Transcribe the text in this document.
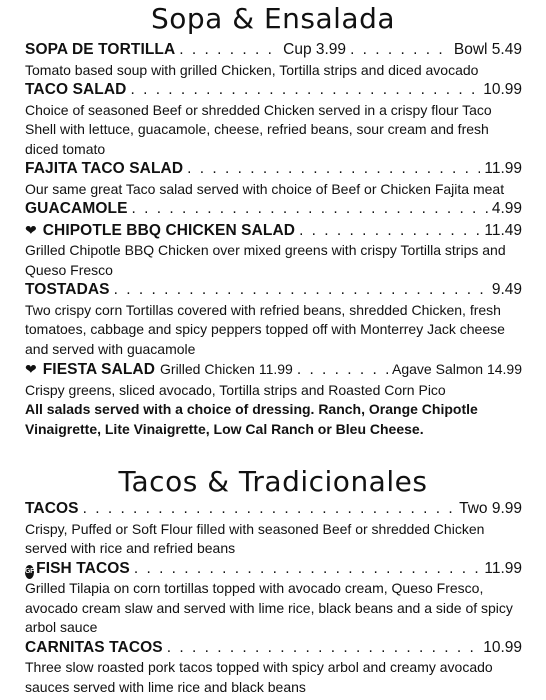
Sopa & Ensalada
SOPA DE TORTILLA . . .	Cup 3.99 . . .	Bowl 5.49

Tomato based soup with grilled Chicken, Tortilla strips and diced avocado

TACO SALAD . . .	10.99

Choice of seasoned Beef or shredded Chicken served in a crispy flour Taco Shell with lettuce, guacamole, cheese, refried beans, sour cream and fresh diced tomato

FAJITA TACO SALAD . . .	11.99

Our same great Taco salad served with choice of Beef or Chicken Fajita meat

GUACAMOLE . . .	4.99
❤ CHIPOTLE BBQ CHICKEN SALAD . . .	11.49

Grilled Chipotle BBQ Chicken over mixed greens with crispy Tortilla strips and Queso Fresco

TOSTADAS . . .	9.49

Two crispy corn Tortillas covered with refried beans, shredded Chicken, fresh tomatoes, cabbage and spicy peppers topped off with Monterrey Jack cheese and served with guacamole

❤ FIESTA SALAD Grilled Chicken 11.99 . . .	Agave Salmon 14.99

Crispy greens, sliced avocado, Tortilla strips and Roasted Corn Pico

All salads served with a choice of dressing. Ranch, Orange Chipotle Vinaigrette, Lite Vinaigrette, Low Cal Ranch or Bleu Cheese.

Tacos & Tradicionales
TACOS . . .	Two 9.99

Crispy, Puffed or Soft Flour filled with seasoned Beef or shredded Chicken served with rice and refried beans

GF FISH TACOS . . .	11.99

Grilled Tilapia on corn tortillas topped with avocado cream, Queso Fresco, avocado cream slaw and served with lime rice, black beans and a side of spicy arbol sauce

CARNITAS TACOS . . .	10.99

Three slow roasted pork tacos topped with spicy arbol and creamy avocado sauces served with lime rice and black beans
